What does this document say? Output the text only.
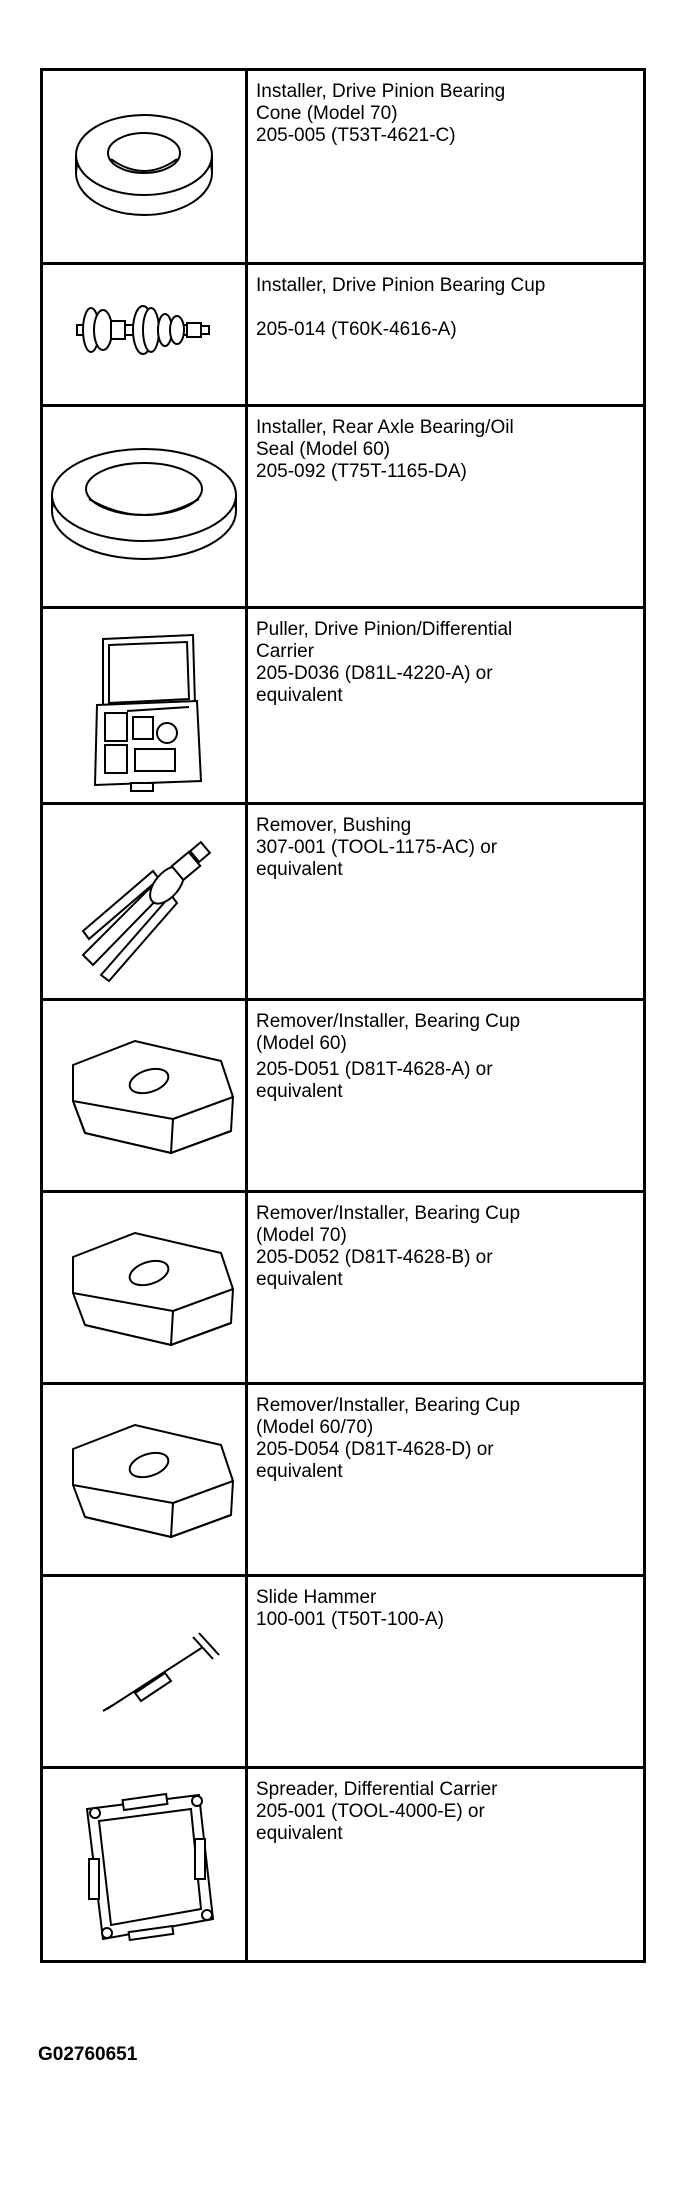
Installer, Drive Pinion Bearing
Cone (Model 70)
205-005 (T53T-4621-C)

Installer, Drive Pinion Bearing Cup
205-014 (T60K-4616-A)

Installer, Rear Axle Bearing/Oil
Seal (Model 60)
205-092 (T75T-1165-DA)

Puller, Drive Pinion/Differential
Carrier
205-D036 (D81L-4220-A) or
equivalent

Remover, Bushing
307-001 (TOOL-1175-AC) or
equivalent

Remover/Installer, Bearing Cup
(Model 60)
205-D051 (D81T-4628-A) or
equivalent

Remover/Installer, Bearing Cup
(Model 70)
205-D052 (D81T-4628-B) or
equivalent

Remover/Installer, Bearing Cup
(Model 60/70)
205-D054 (D81T-4628-D) or
equivalent

Slide Hammer
100-001 (T50T-100-A)

Spreader, Differential Carrier
205-001 (TOOL-4000-E) or
equivalent
G02760651
